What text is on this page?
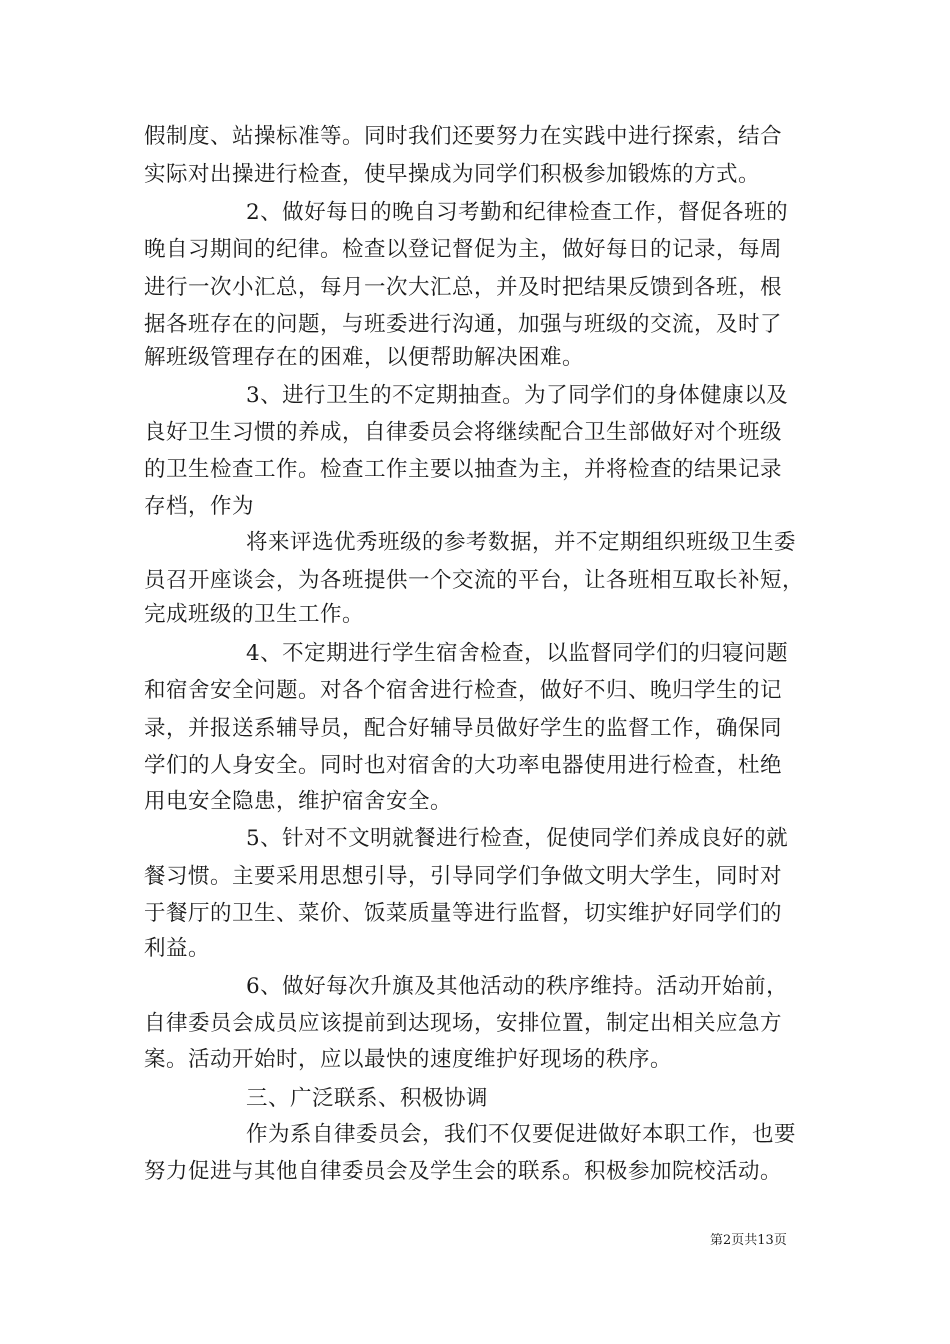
假制度、站操标准等。同时我们还要努力在实践中进行探索，结合
实际对出操进行检查，使早操成为同学们积极参加锻炼的方式。
2、做好每日的晚自习考勤和纪律检查工作，督促各班的
晚自习期间的纪律。检查以登记督促为主，做好每日的记录，每周
进行一次小汇总，每月一次大汇总，并及时把结果反馈到各班，根
据各班存在的问题，与班委进行沟通，加强与班级的交流，及时了
解班级管理存在的困难，以便帮助解决困难。
3、进行卫生的不定期抽查。为了同学们的身体健康以及
良好卫生习惯的养成，自律委员会将继续配合卫生部做好对个班级
的卫生检查工作。检查工作主要以抽查为主，并将检查的结果记录
存档，作为
将来评选优秀班级的参考数据，并不定期组织班级卫生委
员召开座谈会，为各班提供一个交流的平台，让各班相互取长补短，
完成班级的卫生工作。
4、不定期进行学生宿舍检查，以监督同学们的归寝问题
和宿舍安全问题。对各个宿舍进行检查，做好不归、晚归学生的记
录，并报送系辅导员，配合好辅导员做好学生的监督工作，确保同
学们的人身安全。同时也对宿舍的大功率电器使用进行检查，杜绝
用电安全隐患，维护宿舍安全。
5、针对不文明就餐进行检查，促使同学们养成良好的就
餐习惯。主要采用思想引导，引导同学们争做文明大学生，同时对
于餐厅的卫生、菜价、饭菜质量等进行监督，切实维护好同学们的
利益。
6、做好每次升旗及其他活动的秩序维持。活动开始前，
自律委员会成员应该提前到达现场，安排位置，制定出相关应急方
案。活动开始时，应以最快的速度维护好现场的秩序。
三、广泛联系、积极协调
作为系自律委员会，我们不仅要促进做好本职工作，也要
努力促进与其他自律委员会及学生会的联系。积极参加院校活动。
第2页共13页
